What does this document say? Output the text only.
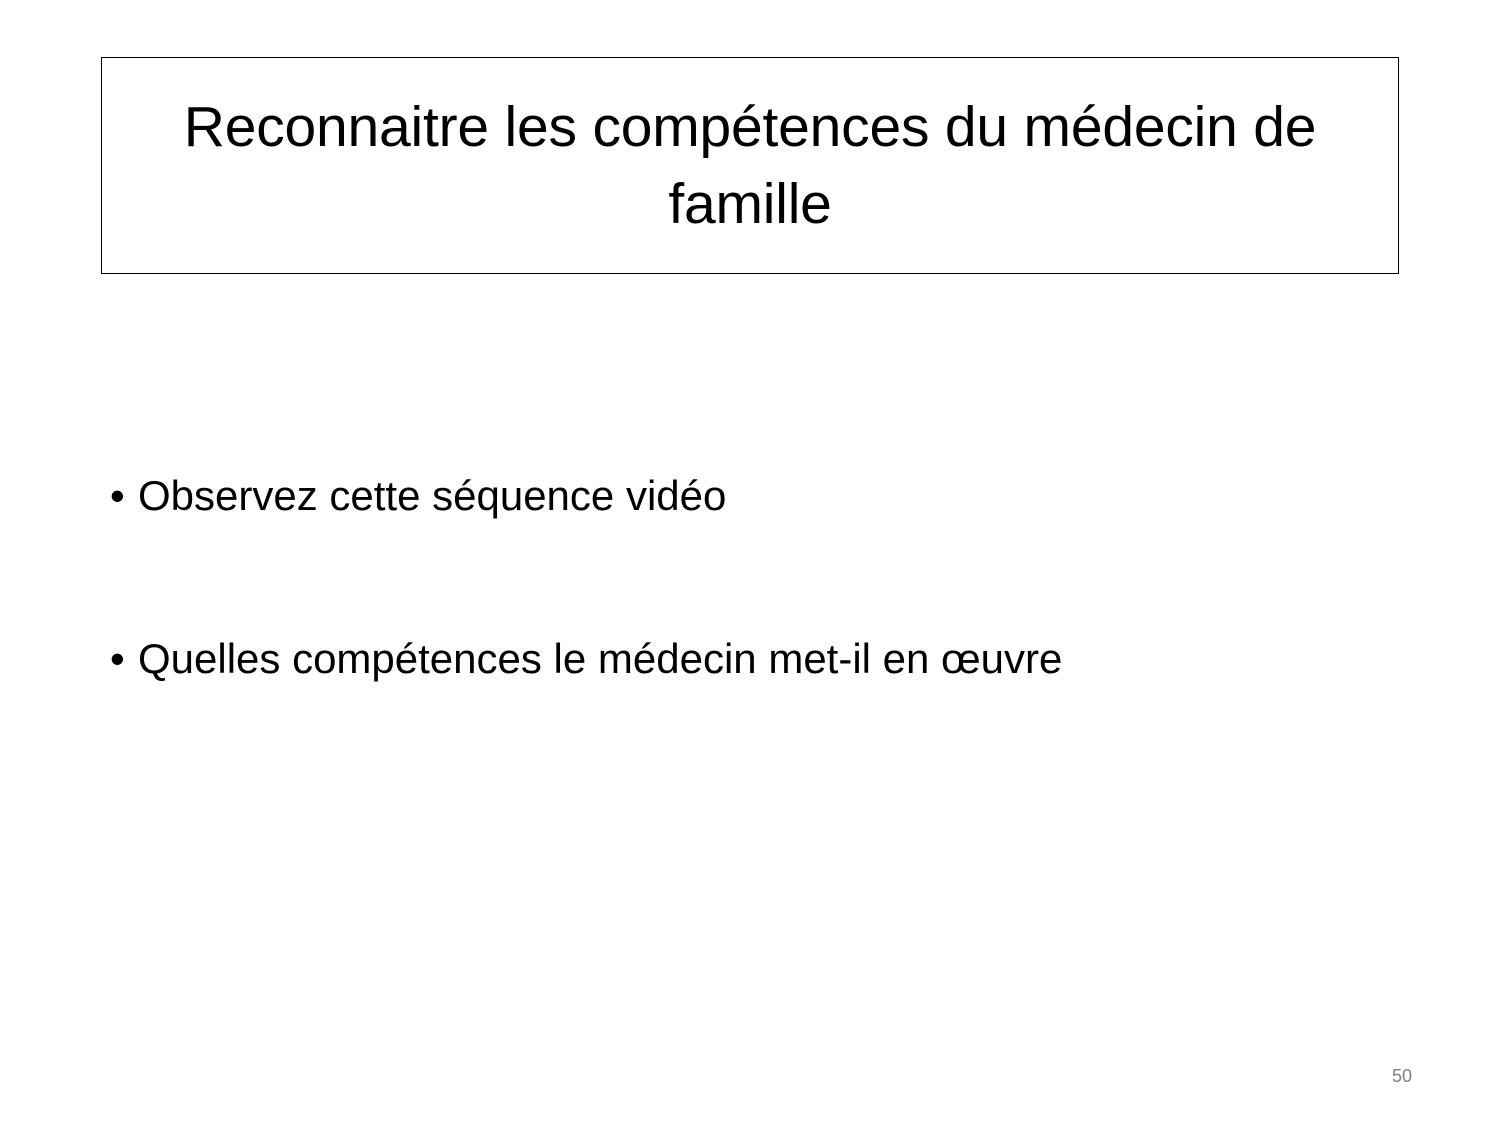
Reconnaitre les compétences du médecin de famille
• Observez cette séquence vidéo
• Quelles compétences le médecin met-il en œuvre
50
